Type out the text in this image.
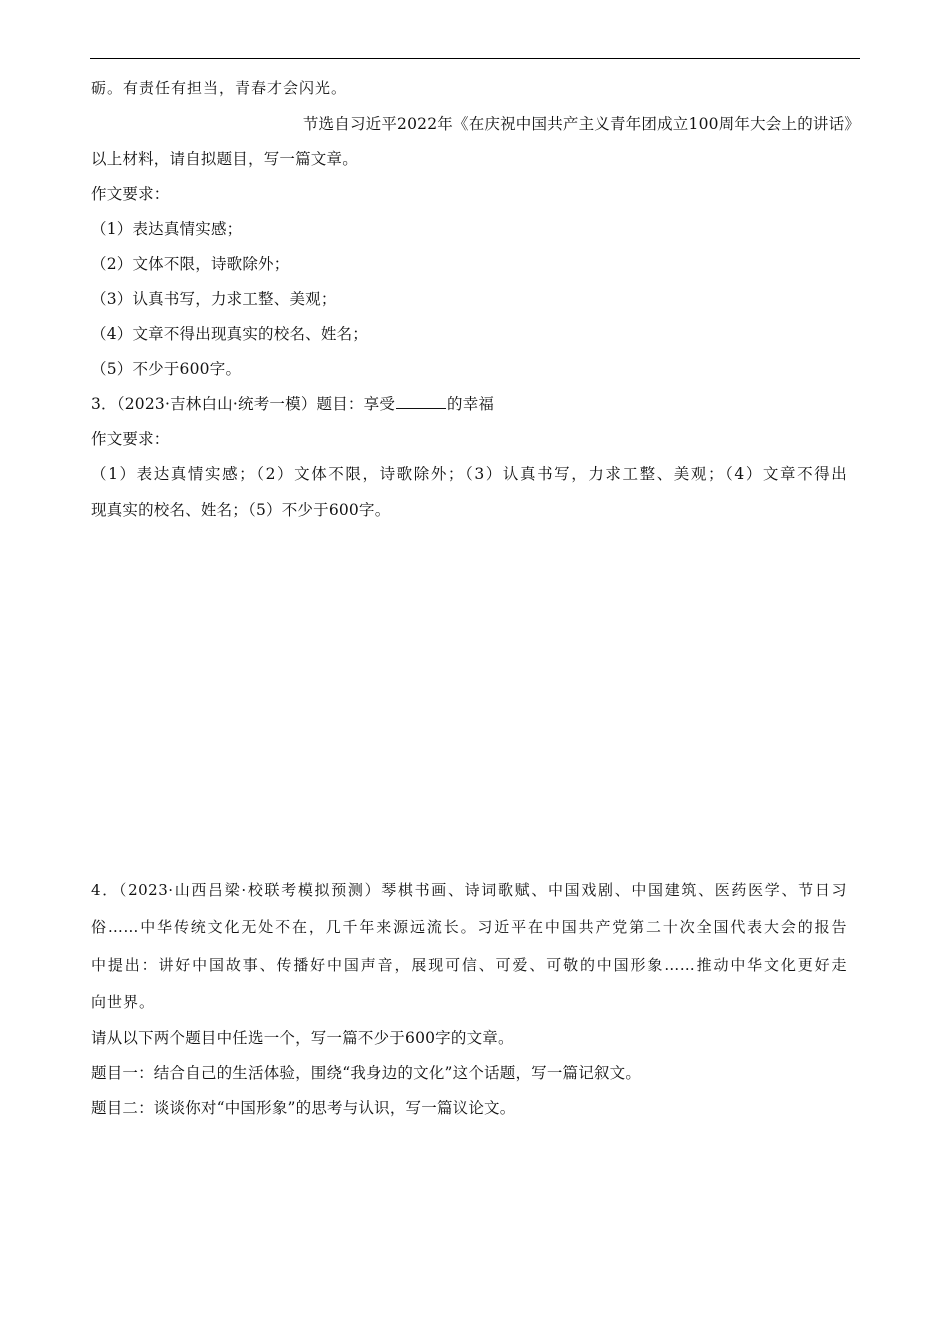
砺。有责任有担当，青春才会闪光。
节选自习近平2022年《在庆祝中国共产主义青年团成立100周年大会上的讲话》
以上材料，请自拟题目，写一篇文章。
作文要求：
（1）表达真情实感；
（2）文体不限，诗歌除外；
（3）认真书写，力求工整、美观；
（4）文章不得出现真实的校名、姓名；
（5）不少于600字。
3．（2023·吉林白山·统考一模）题目：享受	的幸福
作文要求：
（1）表达真情实感；（2）文体不限，诗歌除外；（3）认真书写，力求工整、美观；（4）文章不得出
现真实的校名、姓名；（5）不少于600字。
4．（2023·山西吕梁·校联考模拟预测）琴棋书画、诗词歌赋、中国戏剧、中国建筑、医药医学、节日习
俗……中华传统文化无处不在，几千年来源远流长。习近平在中国共产党第二十次全国代表大会的报告
中提出：讲好中国故事、传播好中国声音，展现可信、可爱、可敬的中国形象……推动中华文化更好走
向世界。
请从以下两个题目中任选一个，写一篇不少于600字的文章。
题目一：结合自己的生活体验，围绕“我身边的文化”这个话题，写一篇记叙文。
题目二：谈谈你对“中国形象”的思考与认识，写一篇议论文。
